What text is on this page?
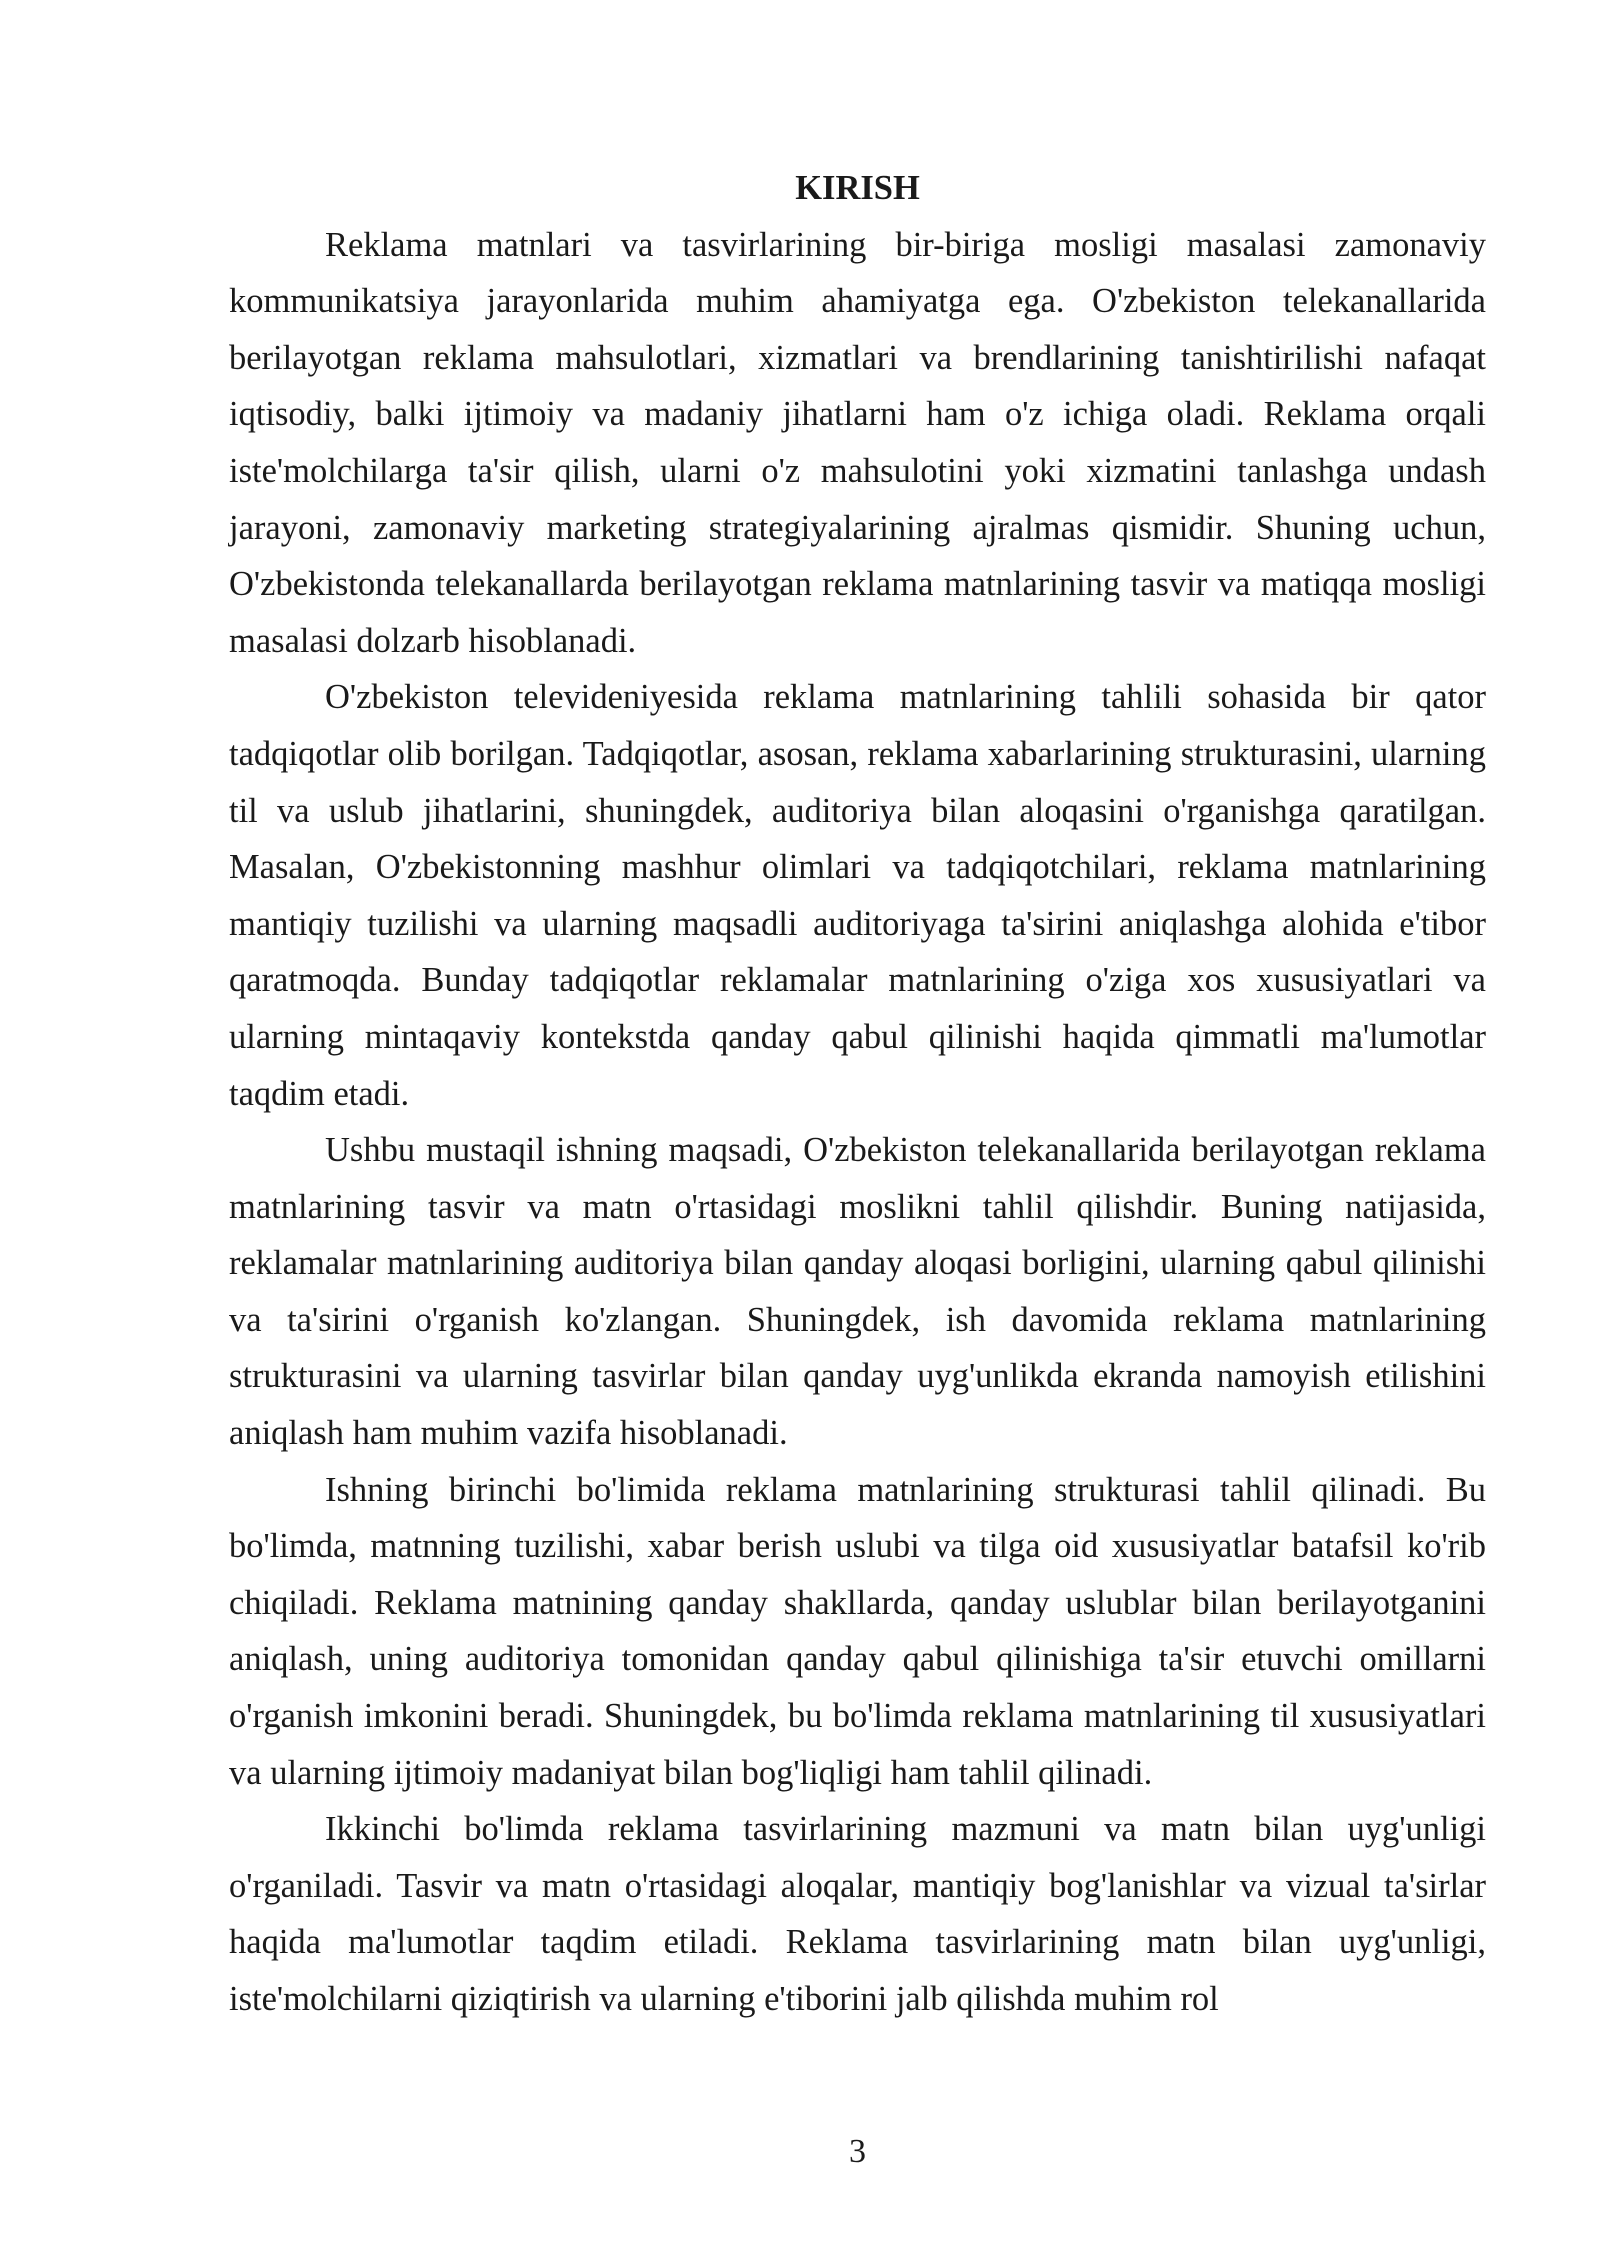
KIRISH

Reklama matnlari va tasvirlarining bir-biriga mosligi masalasi zamonaviy kommunikatsiya jarayonlarida muhim ahamiyatga ega. O'zbekiston telekanallarida berilayotgan reklama mahsulotlari, xizmatlari va brendlarining tanishtirilishi nafaqat iqtisodiy, balki ijtimoiy va madaniy jihatlarni ham o'z ichiga oladi. Reklama orqali iste'molchilarga ta'sir qilish, ularni o'z mahsulotini yoki xizmatini tanlashga undash jarayoni, zamonaviy marketing strategiyalarining ajralmas qismidir. Shuning uchun, O'zbekistonda telekanallarda berilayotgan reklama matnlarining tasvir va matiqqa mosligi masalasi dolzarb hisoblanadi.

O'zbekiston televideniyesida reklama matnlarining tahlili sohasida bir qator tadqiqotlar olib borilgan. Tadqiqotlar, asosan, reklama xabarlarining strukturasini, ularning til va uslub jihatlarini, shuningdek, auditoriya bilan aloqasini o'rganishga qaratilgan. Masalan, O'zbekistonning mashhur olimlari va tadqiqotchilari, reklama matnlarining mantiqiy tuzilishi va ularning maqsadli auditoriyaga ta'sirini aniqlashga alohida e'tibor qaratmoqda. Bunday tadqiqotlar reklamalar matnlarining o'ziga xos xususiyatlari va ularning mintaqaviy kontekstda qanday qabul qilinishi haqida qimmatli ma'lumotlar taqdim etadi.

Ushbu mustaqil ishning maqsadi, O'zbekiston telekanallarida berilayotgan reklama matnlarining tasvir va matn o'rtasidagi moslikni tahlil qilishdir. Buning natijasida, reklamalar matnlarining auditoriya bilan qanday aloqasi borligini, ularning qabul qilinishi va ta'sirini o'rganish ko'zlangan. Shuningdek, ish davomida reklama matnlarining strukturasini va ularning tasvirlar bilan qanday uyg'unlikda ekranda namoyish etilishini aniqlash ham muhim vazifa hisoblanadi.

Ishning birinchi bo'limida reklama matnlarining strukturasi tahlil qilinadi. Bu bo'limda, matnning tuzilishi, xabar berish uslubi va tilga oid xususiyatlar batafsil ko'rib chiqiladi. Reklama matnining qanday shakllarda, qanday uslublar bilan berilayotganini aniqlash, uning auditoriya tomonidan qanday qabul qilinishiga ta'sir etuvchi omillarni o'rganish imkonini beradi. Shuningdek, bu bo'limda reklama matnlarining til xususiyatlari va ularning ijtimoiy madaniyat bilan bog'liqligi ham tahlil qilinadi.

Ikkinchi bo'limda reklama tasvirlarining mazmuni va matn bilan uyg'unligi o'rganiladi. Tasvir va matn o'rtasidagi aloqalar, mantiqiy bog'lanishlar va vizual ta'sirlar haqida ma'lumotlar taqdim etiladi. Reklama tasvirlarining matn bilan uyg'unligi, iste'molchilarni qiziqtirish va ularning e'tiborini jalb qilishda muhim rol

3
